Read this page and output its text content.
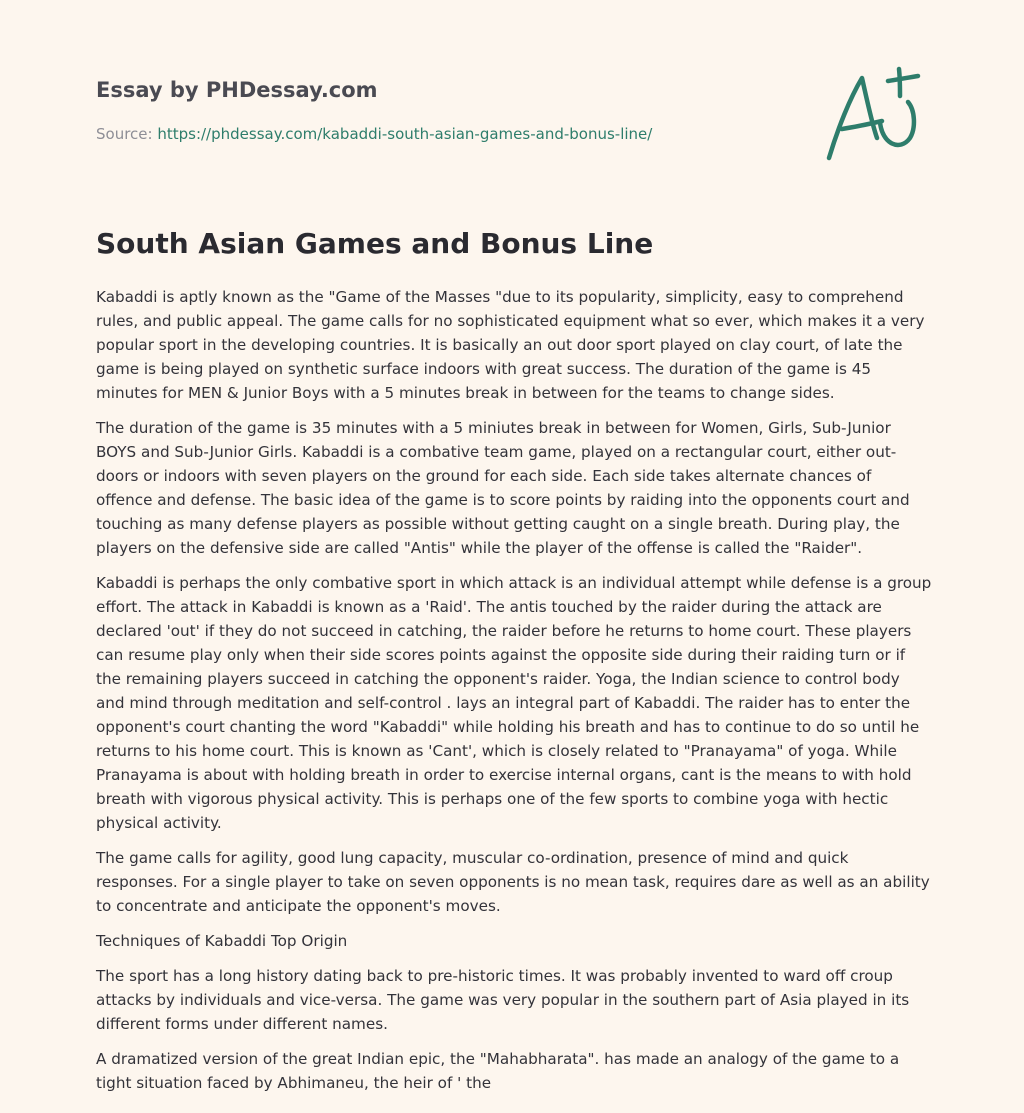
Essay by PHDessay.com

Source: https://phdessay.com/kabaddi-south-asian-games-and-bonus-line/
South Asian Games and Bonus Line

Kabaddi is aptly known as the "Game of the Masses "due to its popularity, simplicity, easy to comprehend rules, and public appeal. The game calls for no sophisticated equipment what so ever, which makes it a very popular sport in the developing countries. It is basically an out door sport played on clay court, of late the game is being played on synthetic surface indoors with great success. The duration of the game is 45 minutes for MEN & Junior Boys with a 5 minutes break in between for the teams to change sides.

The duration of the game is 35 minutes with a 5 miniutes break in between for Women, Girls, Sub-Junior BOYS and Sub-Junior Girls. Kabaddi is a combative team game, played on a rectangular court, either out-doors or indoors with seven players on the ground for each side. Each side takes alternate chances of offence and defense. The basic idea of the game is to score points by raiding into the opponents court and touching as many defense players as possible without getting caught on a single breath. During play, the players on the defensive side are called "Antis" while the player of the offense is called the "Raider".

Kabaddi is perhaps the only combative sport in which attack is an individual attempt while defense is a group effort. The attack in Kabaddi is known as a 'Raid'. The antis touched by the raider during the attack are declared 'out' if they do not succeed in catching, the raider before he returns to home court. These players can resume play only when their side scores points against the opposite side during their raiding turn or if the remaining players succeed in catching the opponent's raider. Yoga, the Indian science to control body and mind through meditation and self-control . lays an integral part of Kabaddi. The raider has to enter the opponent's court chanting the word "Kabaddi" while holding his breath and has to continue to do so until he returns to his home court. This is known as 'Cant', which is closely related to "Pranayama" of yoga. While Pranayama is about with holding breath in order to exercise internal organs, cant is the means to with hold breath with vigorous physical activity. This is perhaps one of the few sports to combine yoga with hectic physical activity.

The game calls for agility, good lung capacity, muscular co-ordination, presence of mind and quick responses. For a single player to take on seven opponents is no mean task, requires dare as well as an ability to concentrate and anticipate the opponent's moves.

Techniques of Kabaddi Top Origin

The sport has a long history dating back to pre-historic times. It was probably invented to ward off croup attacks by individuals and vice-versa. The game was very popular in the southern part of Asia played in its different forms under different names.

A dramatized version of the great Indian epic, the "Mahabharata". has made an analogy of the game to a tight situation faced by Abhimaneu, the heir of ' the
